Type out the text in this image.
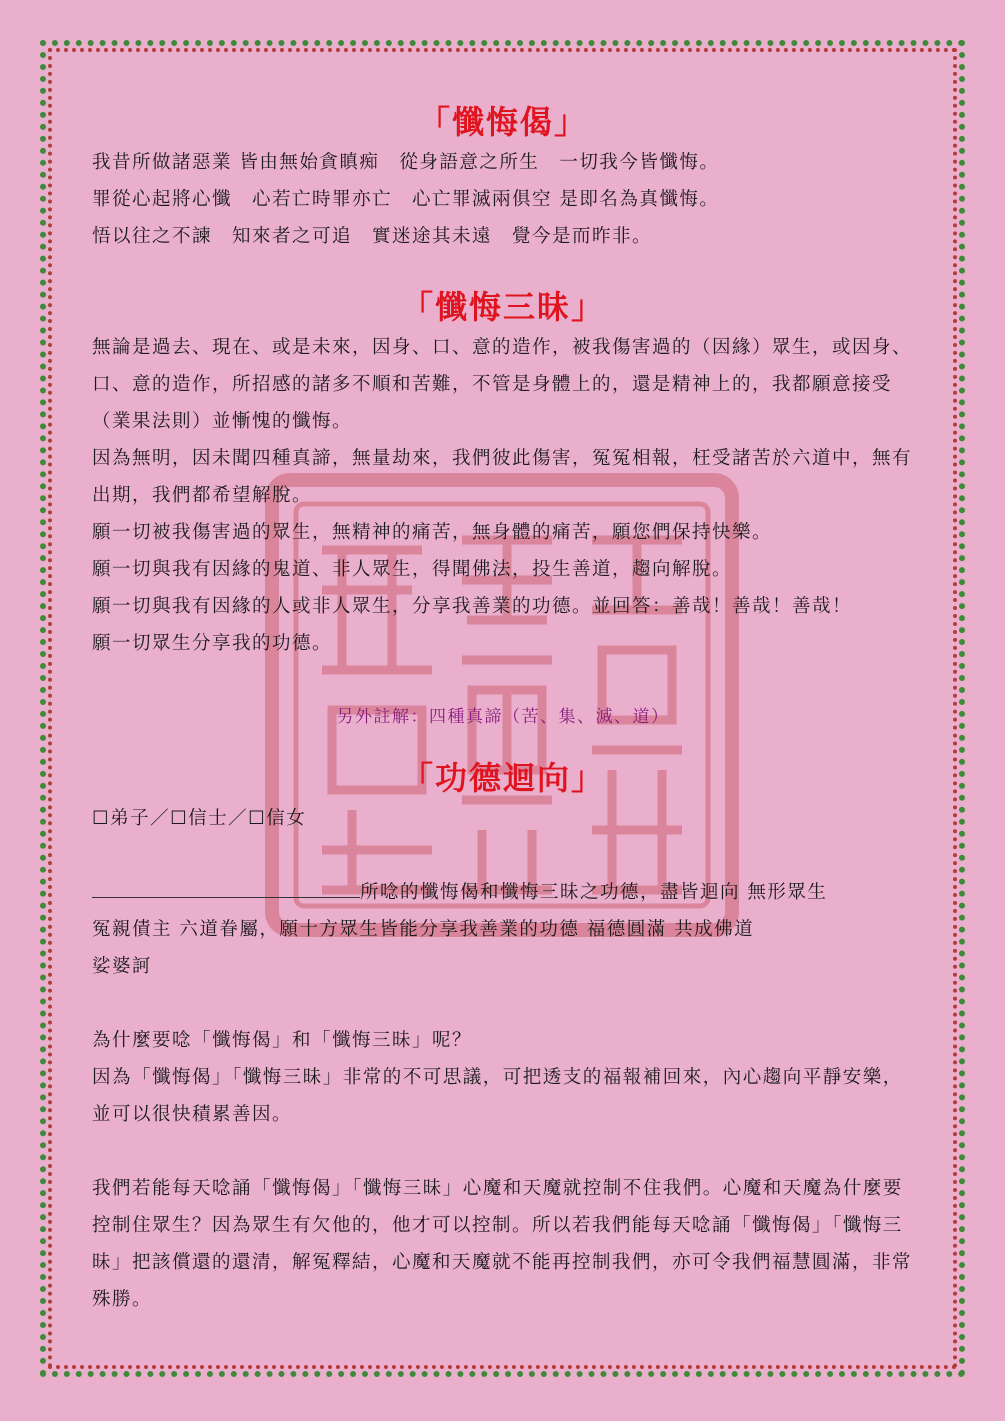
「懺悔偈」

我昔所做諸惡業 皆由無始貪瞋痴　從身語意之所生　一切我今皆懺悔。

罪從心起將心懺　心若亡時罪亦亡　心亡罪滅兩俱空 是即名為真懺悔。

悟以往之不諫　知來者之可追　實迷途其未遠　覺今是而昨非。

「懺悔三昧」

無論是過去、現在、或是未來，因身、口、意的造作，被我傷害過的（因緣）眾生，或因身、口、意的造作，所招感的諸多不順和苦難，不管是身體上的，還是精神上的，我都願意接受（業果法則）並慚愧的懺悔。

因為無明，因未聞四種真諦，無量劫來，我們彼此傷害，冤冤相報，枉受諸苦於六道中，無有出期，我們都希望解脫。

願一切被我傷害過的眾生，無精神的痛苦，無身體的痛苦，願您們保持快樂。

願一切與我有因緣的鬼道、非人眾生，得聞佛法，投生善道，趨向解脫。

願一切與我有因緣的人或非人眾生，分享我善業的功德。並回答：善哉！善哉！善哉！

願一切眾生分享我的功德。

另外註解：四種真諦（苦、集、滅、道）

「功德迴向」

☐弟子／☐信士／☐信女

所唸的懺悔偈和懺悔三昧之功德，盡皆迴向 無形眾生

冤親債主 六道眷屬，願十方眾生皆能分享我善業的功德 福德圓滿 共成佛道

娑婆訶

為什麼要唸「懺悔偈」和「懺悔三昧」呢？

因為「懺悔偈」「懺悔三昧」非常的不可思議，可把透支的福報補回來，內心趨向平靜安樂，並可以很快積累善因。

我們若能每天唸誦「懺悔偈」「懺悔三昧」心魔和天魔就控制不住我們。心魔和天魔為什麼要控制住眾生？因為眾生有欠他的，他才可以控制。所以若我們能每天唸誦「懺悔偈」「懺悔三昧」把該償還的還清，解冤釋結，心魔和天魔就不能再控制我們，亦可令我們福慧圓滿，非常殊勝。
